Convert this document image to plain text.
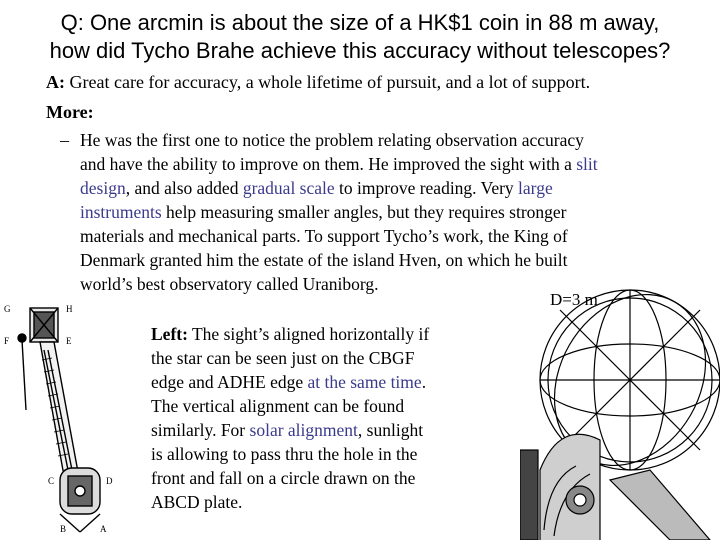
Q: One arcmin is about the size of a HK$1 coin in 88 m away,
how did Tycho Brahe achieve this accuracy without telescopes?
A: Great care for accuracy, a whole lifetime of pursuit, and a lot of support.
More:
– He was the first one to notice the problem relating observation accuracy
and have the ability to improve on them. He improved the sight with a slit
design, and also added gradual scale to improve reading. Very large
instruments help measuring smaller angles, but they requires stronger
materials and mechanical parts. To support Tycho’s work, the King of
Denmark granted him the estate of the island Hven, on which he built
world’s best observatory called Uraniborg.
G	H
F	E
C	D
B	A
D=3 m
Left: The sight’s aligned horizontally if
the star can be seen just on the CBGF
edge and ADHE edge at the same time.
The vertical alignment can be found
similarly. For solar alignment, sunlight
is allowing to pass thru the hole in the
front and fall on a circle drawn on the
ABCD plate.
